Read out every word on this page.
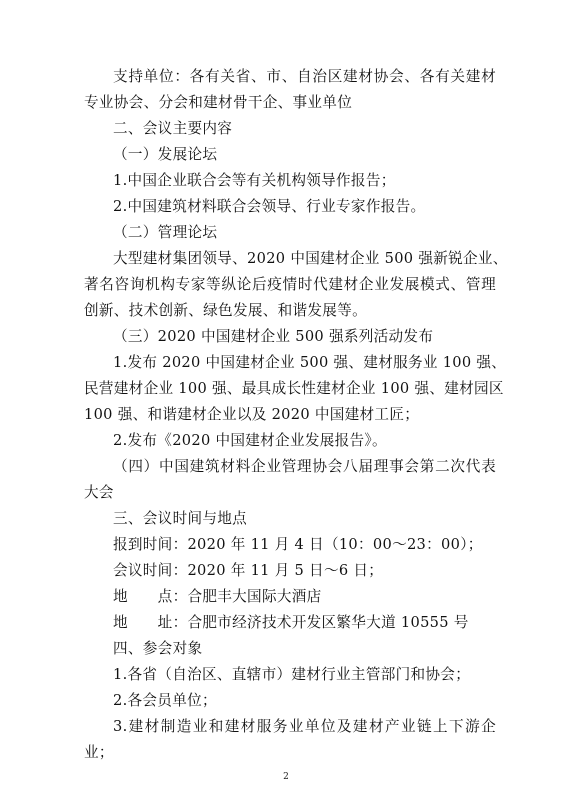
支持单位：各有关省、市、自治区建材协会、各有关建材
专业协会、分会和建材骨干企、事业单位
二、会议主要内容
（一）发展论坛
1.中国企业联合会等有关机构领导作报告；
2.中国建筑材料联合会领导、行业专家作报告。
（二）管理论坛
大型建材集团领导、2020 中国建材企业 500 强新锐企业、
著名咨询机构专家等纵论后疫情时代建材企业发展模式、管理
创新、技术创新、绿色发展、和谐发展等。
（三）2020 中国建材企业 500 强系列活动发布
1.发布 2020 中国建材企业 500 强、建材服务业 100 强、
民营建材企业 100 强、最具成长性建材企业 100 强、建材园区
100 强、和谐建材企业以及 2020 中国建材工匠；
2.发布《2020 中国建材企业发展报告》。
（四）中国建筑材料企业管理协会八届理事会第二次代表
大会
三、会议时间与地点
报到时间：2020 年 11 月 4 日（10：00～23：00）；
会议时间：2020 年 11 月 5 日～6 日；
地　　点：合肥丰大国际大酒店
地　　址：合肥市经济技术开发区繁华大道 10555 号
四、参会对象
1.各省（自治区、直辖市）建材行业主管部门和协会；
2.各会员单位；
3.建材制造业和建材服务业单位及建材产业链上下游企
业；
2
